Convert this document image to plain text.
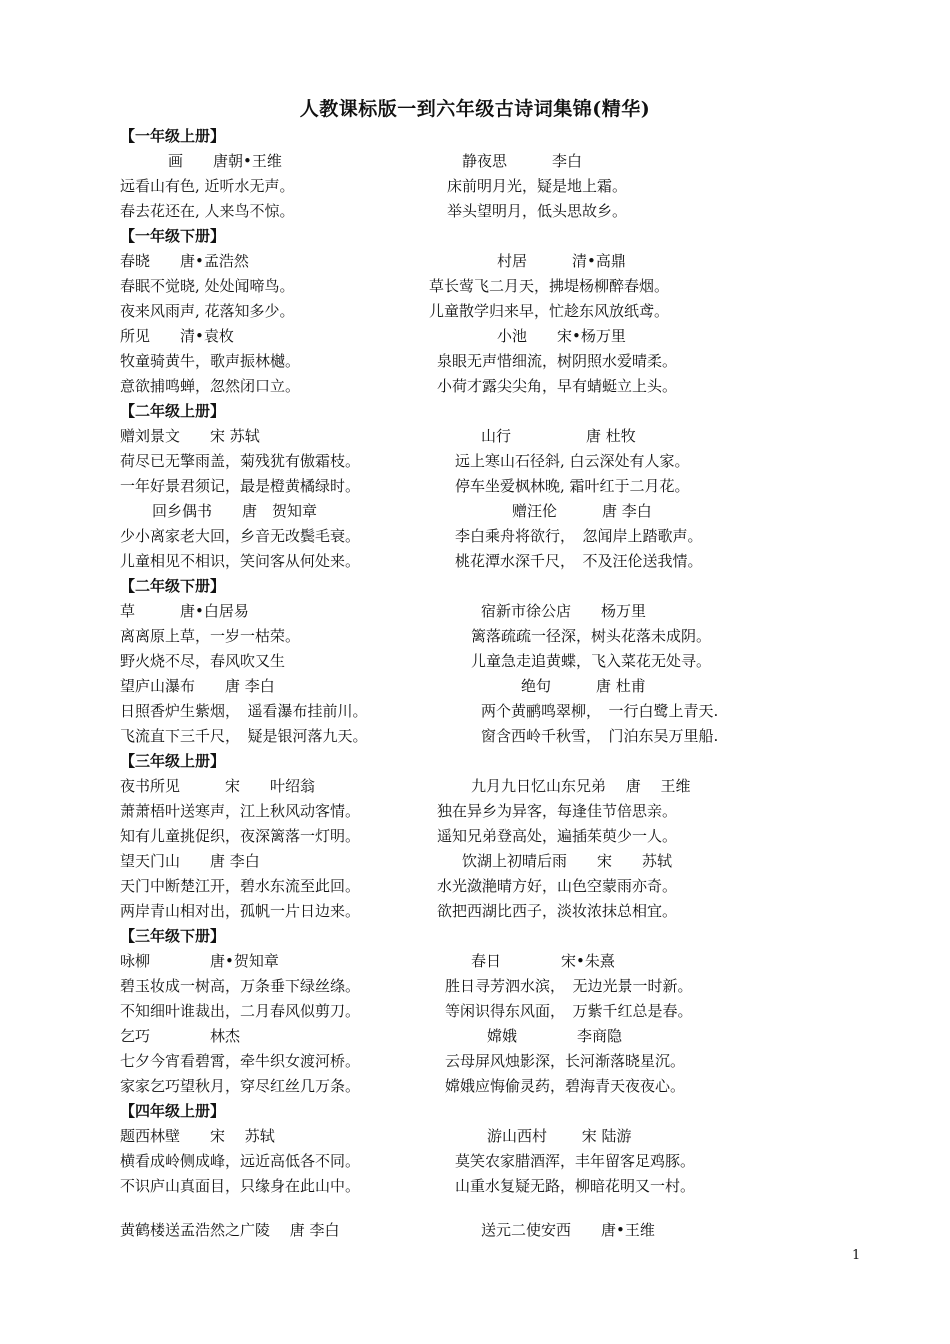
人教课标版一到六年级古诗词集锦(精华)
【一年级上册】
画　　唐朝•王维	静夜思　　　李白
远看山有色, 近听水无声。	床前明月光，疑是地上霜。
春去花还在, 人来鸟不惊。	举头望明月，低头思故乡。
【一年级下册】
春晓　　唐•孟浩然	村居　　　清•高鼎
春眠不觉晓, 处处闻啼鸟。	草长莺飞二月天，拂堤杨柳醉春烟。
夜来风雨声, 花落知多少。	儿童散学归来早，忙趁东风放纸鸢。
所见　　清•袁枚	小池　　宋•杨万里
牧童骑黄牛，歌声振林樾。	泉眼无声惜细流，树阴照水爱晴柔。
意欲捕鸣蝉，忽然闭口立。	小荷才露尖尖角，早有蜻蜓立上头。
【二年级上册】
赠刘景文　　宋 苏轼	山行　　　　　唐 杜牧
荷尽已无擎雨盖，菊残犹有傲霜枝。	远上寒山石径斜, 白云深处有人家。
一年好景君须记，最是橙黄橘绿时。	停车坐爱枫林晚, 霜叶红于二月花。
回乡偶书　　唐　贺知章	赠汪伦　　　唐 李白
少小离家老大回，乡音无改鬓毛衰。	李白乘舟将欲行，　忽闻岸上踏歌声。
儿童相见不相识，笑问客从何处来。	桃花潭水深千尺，　不及汪伦送我情。
【二年级下册】
草　　　唐•白居易	宿新市徐公店　　杨万里
离离原上草，一岁一枯荣。	篱落疏疏一径深，树头花落未成阴。
野火烧不尽，春风吹又生	儿童急走追黄蝶，飞入菜花无处寻。
望庐山瀑布　　唐 李白	绝句　　　唐 杜甫
日照香炉生紫烟，　遥看瀑布挂前川。	两个黄鹂鸣翠柳，　一行白鹭上青天.
飞流直下三千尺，　疑是银河落九天。	窗含西岭千秋雪，　门泊东吴万里船.
【三年级上册】
夜书所见　　　宋　　叶绍翁	九月九日忆山东兄弟　 唐　 王维
萧萧梧叶送寒声，江上秋风动客情。	独在异乡为异客，每逢佳节倍思亲。
知有儿童挑促织，夜深篱落一灯明。	遥知兄弟登高处，遍插茱萸少一人。
望天门山　　唐 李白	饮湖上初晴后雨　　宋　　苏轼
天门中断楚江开，碧水东流至此回。	水光潋滟晴方好，山色空蒙雨亦奇。
两岸青山相对出，孤帆一片日边来。	欲把西湖比西子，淡妆浓抹总相宜。
【三年级下册】
咏柳　　　　唐•贺知章	春日　　　　宋•朱熹
碧玉妆成一树高，万条垂下绿丝绦。	胜日寻芳泗水滨，　无边光景一时新。
不知细叶谁裁出，二月春风似剪刀。	等闲识得东风面，　万紫千红总是春。
乞巧　　　　林杰	嫦娥　　　　李商隐
七夕今宵看碧霄，牵牛织女渡河桥。	云母屏风烛影深，长河渐落晓星沉。
家家乞巧望秋月，穿尽红丝几万条。	嫦娥应悔偷灵药，碧海青天夜夜心。
【四年级上册】
题西林壁　　宋　 苏轼	游山西村　　 宋 陆游
横看成岭侧成峰，远近高低各不同。	莫笑农家腊酒浑，丰年留客足鸡豚。
不识庐山真面目，只缘身在此山中。	山重水复疑无路，柳暗花明又一村。
黄鹤楼送孟浩然之广陵　 唐 李白	送元二使安西　　唐•王维
1
